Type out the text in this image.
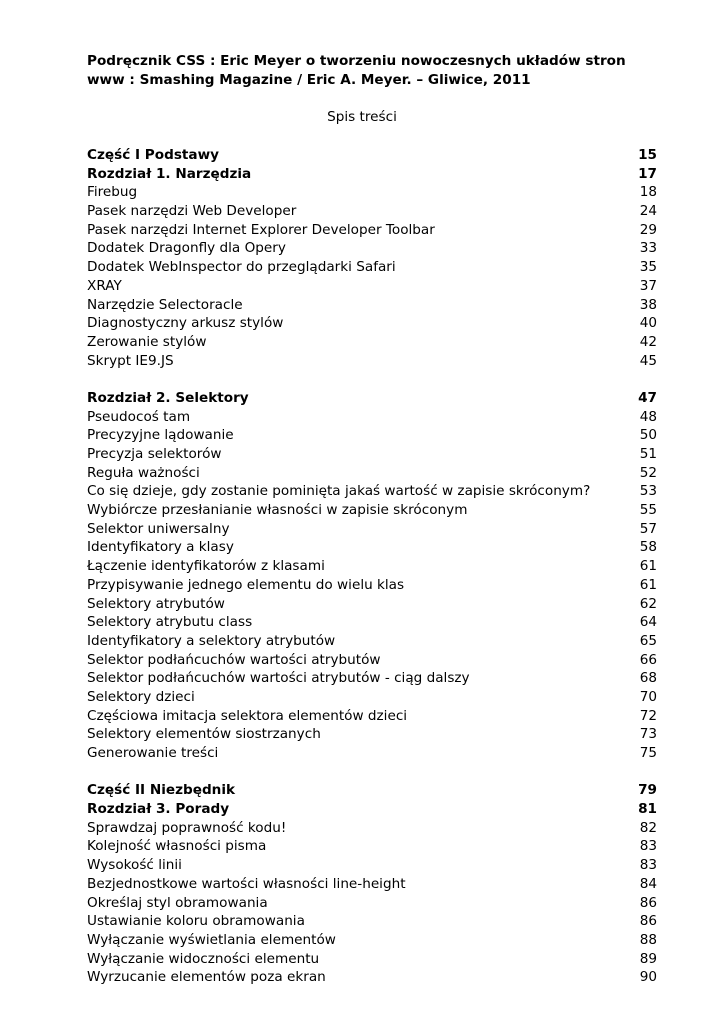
Podręcznik CSS : Eric Meyer o tworzeniu nowoczesnych układów stron
www : Smashing Magazine / Eric A. Meyer. – Gliwice, 2011
Spis treści
Część I Podstawy	15
Rozdział 1. Narzędzia	17
Firebug	18
Pasek narzędzi Web Developer	24
Pasek narzędzi Internet Explorer Developer Toolbar	29
Dodatek Dragonfly dla Opery	33
Dodatek WebInspector do przeglądarki Safari	35
XRAY	37
Narzędzie Selectoracle	38
Diagnostyczny arkusz stylów	40
Zerowanie stylów	42
Skrypt IE9.JS	45
Rozdział 2. Selektory	47
Pseudocoś tam	48
Precyzyjne lądowanie	50
Precyzja selektorów	51
Reguła ważności	52
Co się dzieje, gdy zostanie pominięta jakaś wartość w zapisie skróconym?	53
Wybiórcze przesłanianie własności w zapisie skróconym	55
Selektor uniwersalny	57
Identyfikatory a klasy	58
Łączenie identyfikatorów z klasami	61
Przypisywanie jednego elementu do wielu klas	61
Selektory atrybutów	62
Selektory atrybutu class	64
Identyfikatory a selektory atrybutów	65
Selektor podłańcuchów wartości atrybutów	66
Selektor podłańcuchów wartości atrybutów - ciąg dalszy	68
Selektory dzieci	70
Częściowa imitacja selektora elementów dzieci	72
Selektory elementów siostrzanych	73
Generowanie treści	75
Część II Niezbędnik	79
Rozdział 3. Porady	81
Sprawdzaj poprawność kodu!	82
Kolejność własności pisma	83
Wysokość linii	83
Bezjednostkowe wartości własności line-height	84
Określaj styl obramowania	86
Ustawianie koloru obramowania	86
Wyłączanie wyświetlania elementów	88
Wyłączanie widoczności elementu	89
Wyrzucanie elementów poza ekran	90
